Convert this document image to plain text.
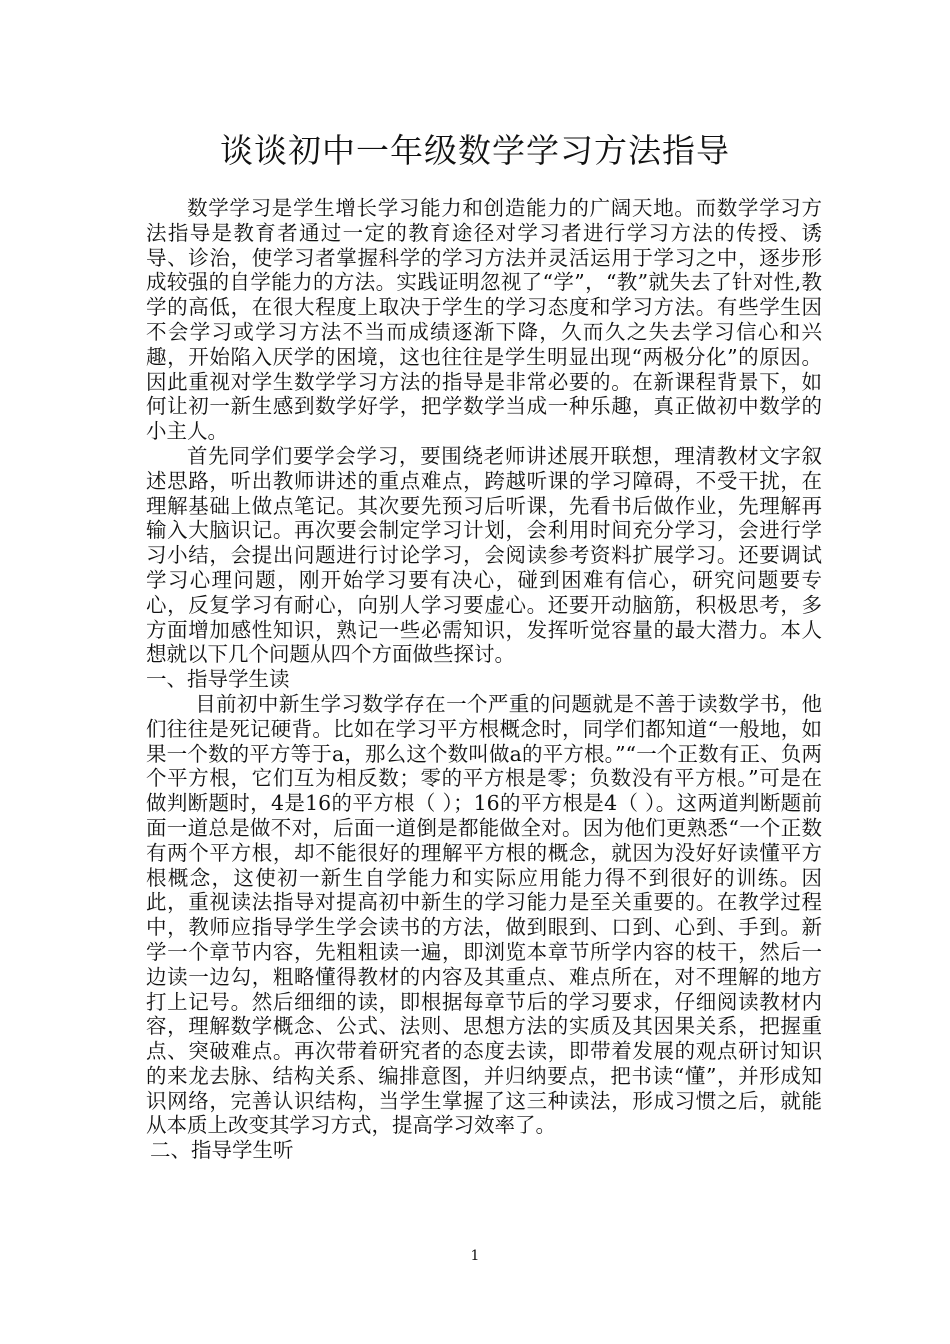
谈谈初中一年级数学学习方法指导

数学学习是学生增长学习能力和创造能力的广阔天地。而数学学习方法指导是教育者通过一定的教育途径对学习者进行学习方法的传授、诱导、诊治，使学习者掌握科学的学习方法并灵活运用于学习之中，逐步形成较强的自学能力的方法。实践证明忽视了“学”，“教”就失去了针对性,教学的高低，在很大程度上取决于学生的学习态度和学习方法。有些学生因不会学习或学习方法不当而成绩逐渐下降，久而久之失去学习信心和兴趣，开始陷入厌学的困境，这也往往是学生明显出现“两极分化”的原因。因此重视对学生数学学习方法的指导是非常必要的。在新课程背景下，如何让初一新生感到数学好学，把学数学当成一种乐趣，真正做初中数学的小主人。

首先同学们要学会学习，要围绕老师讲述展开联想，理清教材文字叙述思路，听出教师讲述的重点难点，跨越听课的学习障碍，不受干扰，在理解基础上做点笔记。其次要先预习后听课，先看书后做作业，先理解再输入大脑识记。再次要会制定学习计划，会利用时间充分学习，会进行学习小结，会提出问题进行讨论学习，会阅读参考资料扩展学习。还要调试学习心理问题，刚开始学习要有决心，碰到困难有信心，研究问题要专心，反复学习有耐心，向别人学习要虚心。还要开动脑筋，积极思考，多方面增加感性知识，熟记一些必需知识，发挥听觉容量的最大潜力。本人想就以下几个问题从四个方面做些探讨。

一、指导学生读

目前初中新生学习数学存在一个严重的问题就是不善于读数学书，他们往往是死记硬背。比如在学习平方根概念时，同学们都知道“一般地，如果一个数的平方等于a，那么这个数叫做a的平方根。”“一个正数有正、负两个平方根，它们互为相反数；零的平方根是零；负数没有平方根。”可是在做判断题时，4是16的平方根（ ）；16的平方根是4（ ）。这两道判断题前面一道总是做不对，后面一道倒是都能做全对。因为他们更熟悉“一个正数有两个平方根，却不能很好的理解平方根的概念，就因为没好好读懂平方根概念，这使初一新生自学能力和实际应用能力得不到很好的训练。因此，重视读法指导对提高初中新生的学习能力是至关重要的。在教学过程中，教师应指导学生学会读书的方法，做到眼到、口到、心到、手到。新学一个章节内容，先粗粗读一遍，即浏览本章节所学内容的枝干，然后一边读一边勾，粗略懂得教材的内容及其重点、难点所在，对不理解的地方打上记号。然后细细的读，即根据每章节后的学习要求，仔细阅读教材内容，理解数学概念、公式、法则、思想方法的实质及其因果关系，把握重点、突破难点。再次带着研究者的态度去读，即带着发展的观点研讨知识的来龙去脉、结构关系、编排意图，并归纳要点，把书读“懂”，并形成知识网络，完善认识结构，当学生掌握了这三种读法，形成习惯之后，就能从本质上改变其学习方式，提高学习效率了。

二、指导学生听
1
